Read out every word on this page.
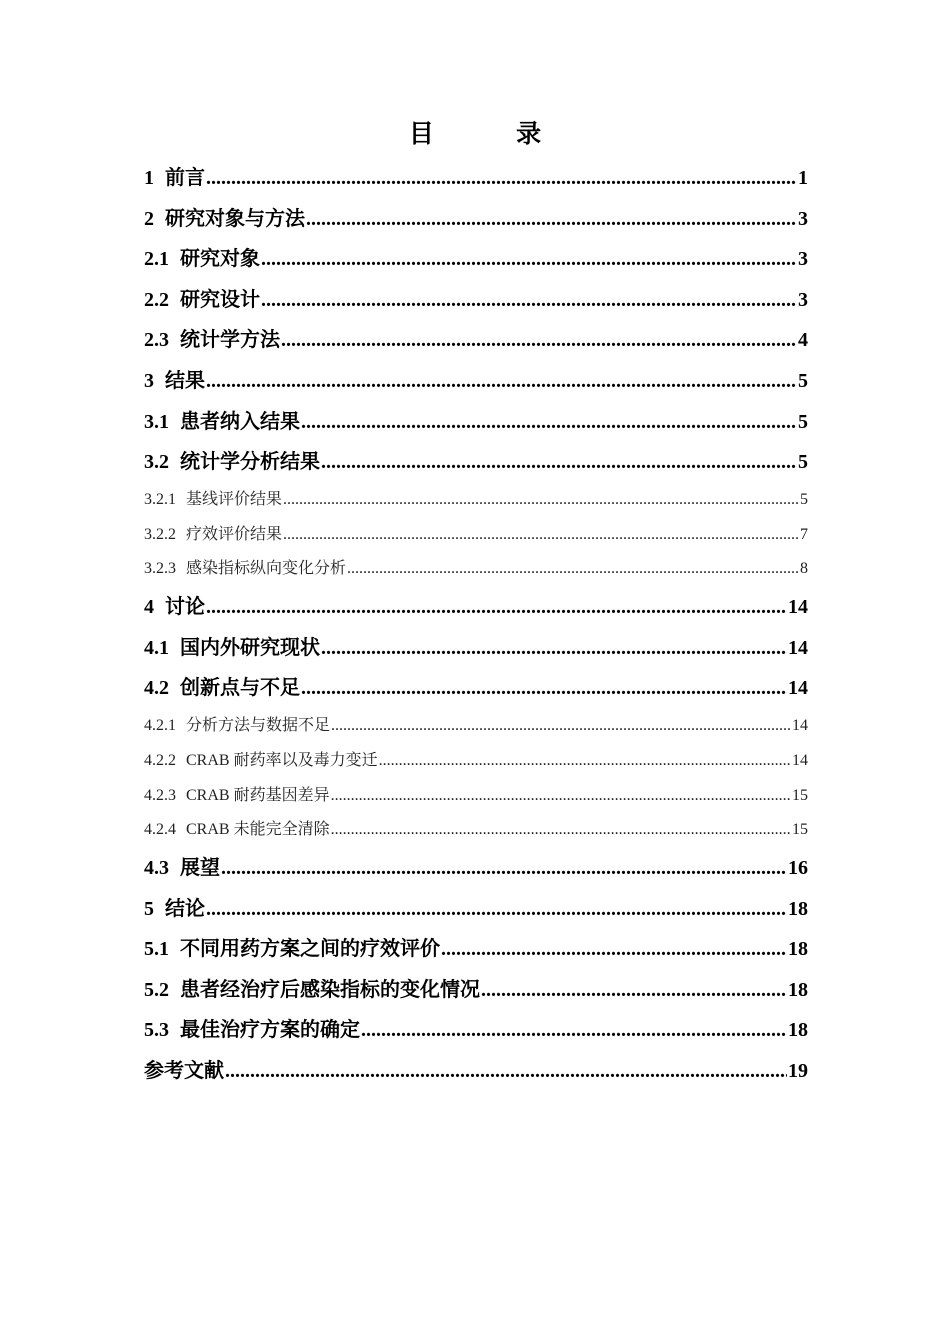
目 录
1 前言 .....	1
2 研究对象与方法 .....	3
2.1 研究对象 .....	3
2.2 研究设计 .....	3
2.3 统计学方法 .....	4
3 结果 .....	5
3.1 患者纳入结果 .....	5
3.2 统计学分析结果 .....	5
3.2.1 基线评价结果 .....	5
3.2.2 疗效评价结果 .....	7
3.2.3 感染指标纵向变化分析 .....	8
4 讨论 .....	14
4.1 国内外研究现状 .....	14
4.2 创新点与不足 .....	14
4.2.1 分析方法与数据不足 .....	14
4.2.2 CRAB 耐药率以及毒力变迁 .....	14
4.2.3 CRAB 耐药基因差异 .....	15
4.2.4 CRAB 未能完全清除 .....	15
4.3 展望 .....	16
5 结论 .....	18
5.1 不同用药方案之间的疗效评价 .....	18
5.2 患者经治疗后感染指标的变化情况 .....	18
5.3 最佳治疗方案的确定 .....	18
参考文献 .....	19
